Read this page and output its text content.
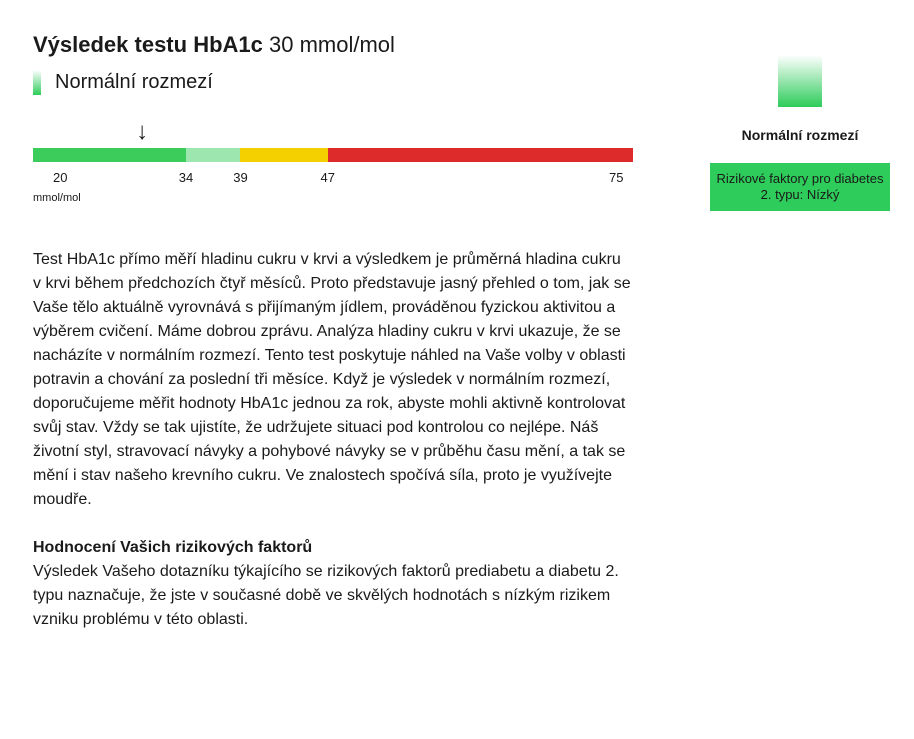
Výsledek testu HbA1c 30 mmol/mol
Normální rozmezí
↓
mmol/mol
20	34	39	47	75

Test HbA1c přímo měří hladinu cukru v krvi a výsledkem je průměrná hladina cukru v krvi během předchozích čtyř měsíců. Proto představuje jasný přehled o tom, jak se Vaše tělo aktuálně vyrovnává s přijímaným jídlem, prováděnou fyzickou aktivitou a výběrem cvičení. Máme dobrou zprávu. Analýza hladiny cukru v krvi ukazuje, že se nacházíte v normálním rozmezí. Tento test poskytuje náhled na Vaše volby v oblasti potravin a chování za poslední tři měsíce. Když je výsledek v normálním rozmezí, doporučujeme měřit hodnoty HbA1c jednou za rok, abyste mohli aktivně kontrolovat svůj stav. Vždy se tak ujistíte, že udržujete situaci pod kontrolou co nejlépe. Náš životní styl, stravovací návyky a pohybové návyky se v průběhu času mění, a tak se mění i stav našeho krevního cukru. Ve znalostech spočívá síla, proto je využívejte moudře.

Hodnocení Vašich rizikových faktorů

Výsledek Vašeho dotazníku týkajícího se rizikových faktorů prediabetu a diabetu 2. typu naznačuje, že jste v současné době ve skvělých hodnotách s nízkým rizikem vzniku problému v této oblasti.

Normální rozmezí
Rizikové faktory pro diabetes 2. typu: Nízký
